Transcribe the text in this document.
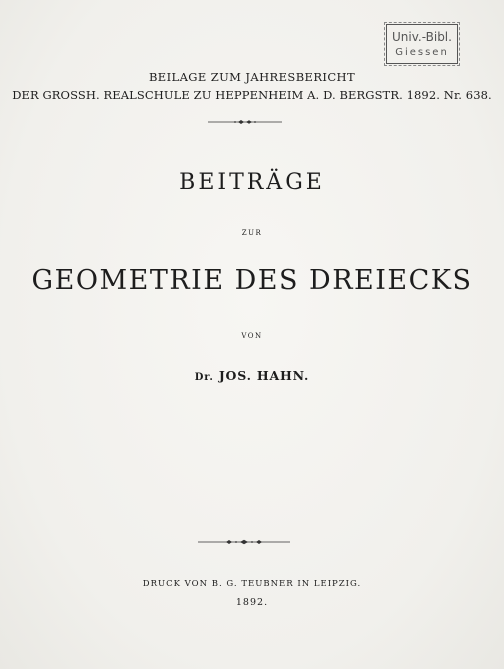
Univ.-Bibl.
Giessen
BEILAGE ZUM JAHRESBERICHT
DER GROSSH. REALSCHULE ZU HEPPENHEIM A. D. BERGSTR. 1892. Nr. 638.
BEITRÄGE
ZUR
GEOMETRIE DES DREIECKS
VON
Dr. JOS. HAHN.
DRUCK VON B. G. TEUBNER IN LEIPZIG.
1892.
